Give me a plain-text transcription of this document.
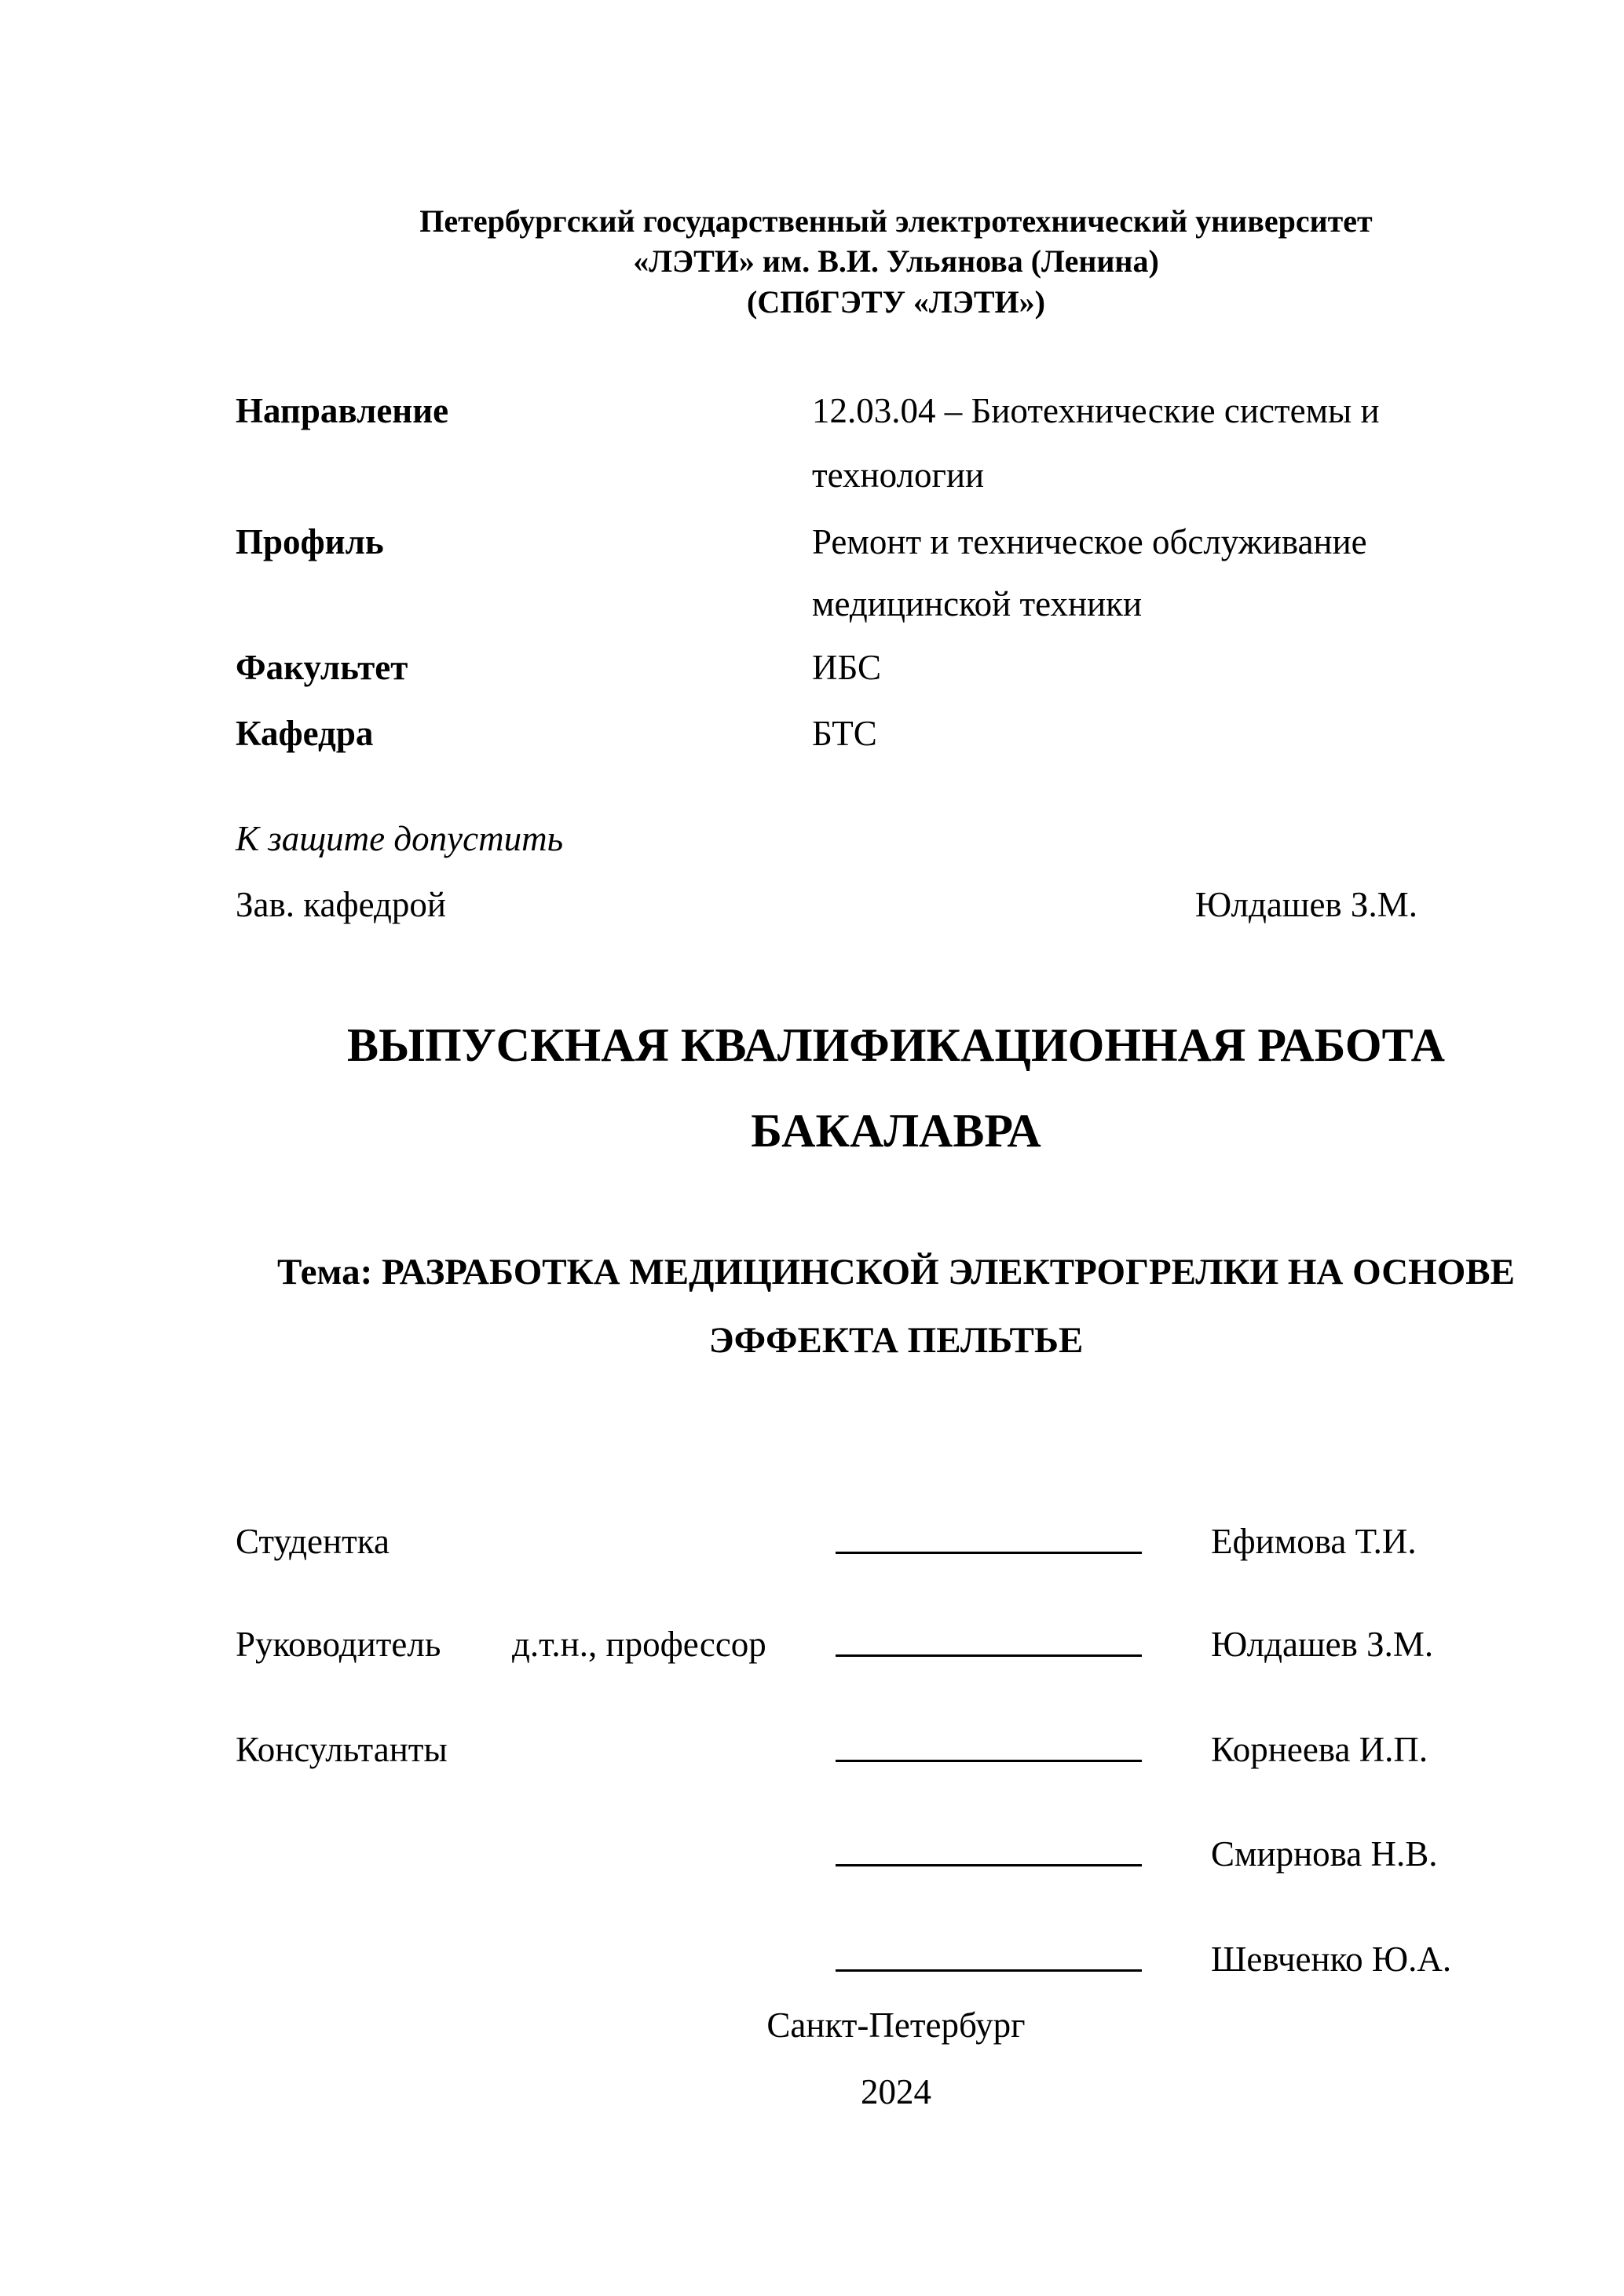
Петербургский государственный электротехнический университет
«ЛЭТИ» им. В.И. Ульянова (Ленина)
(СПбГЭТУ «ЛЭТИ»)
Направление	12.03.04 – Биотехнические системы и
технологии
Профиль	Ремонт и техническое обслуживание
медицинской техники
Факультет	ИБС
Кафедра	БТС
К защите допустить
Зав. кафедрой	Юлдашев З.М.
ВЫПУСКНАЯ КВАЛИФИКАЦИОННАЯ РАБОТА
БАКАЛАВРА
Тема: РАЗРАБОТКА МЕДИЦИНСКОЙ ЭЛЕКТРОГРЕЛКИ НА ОСНОВЕ
ЭФФЕКТА ПЕЛЬТЬЕ
Студентка	Ефимова Т.И.
Руководитель д.т.н., профессор	Юлдашев З.М.
Консультанты	Корнеева И.П.
Смирнова Н.В.
Шевченко Ю.А.
Санкт-Петербург
2024
